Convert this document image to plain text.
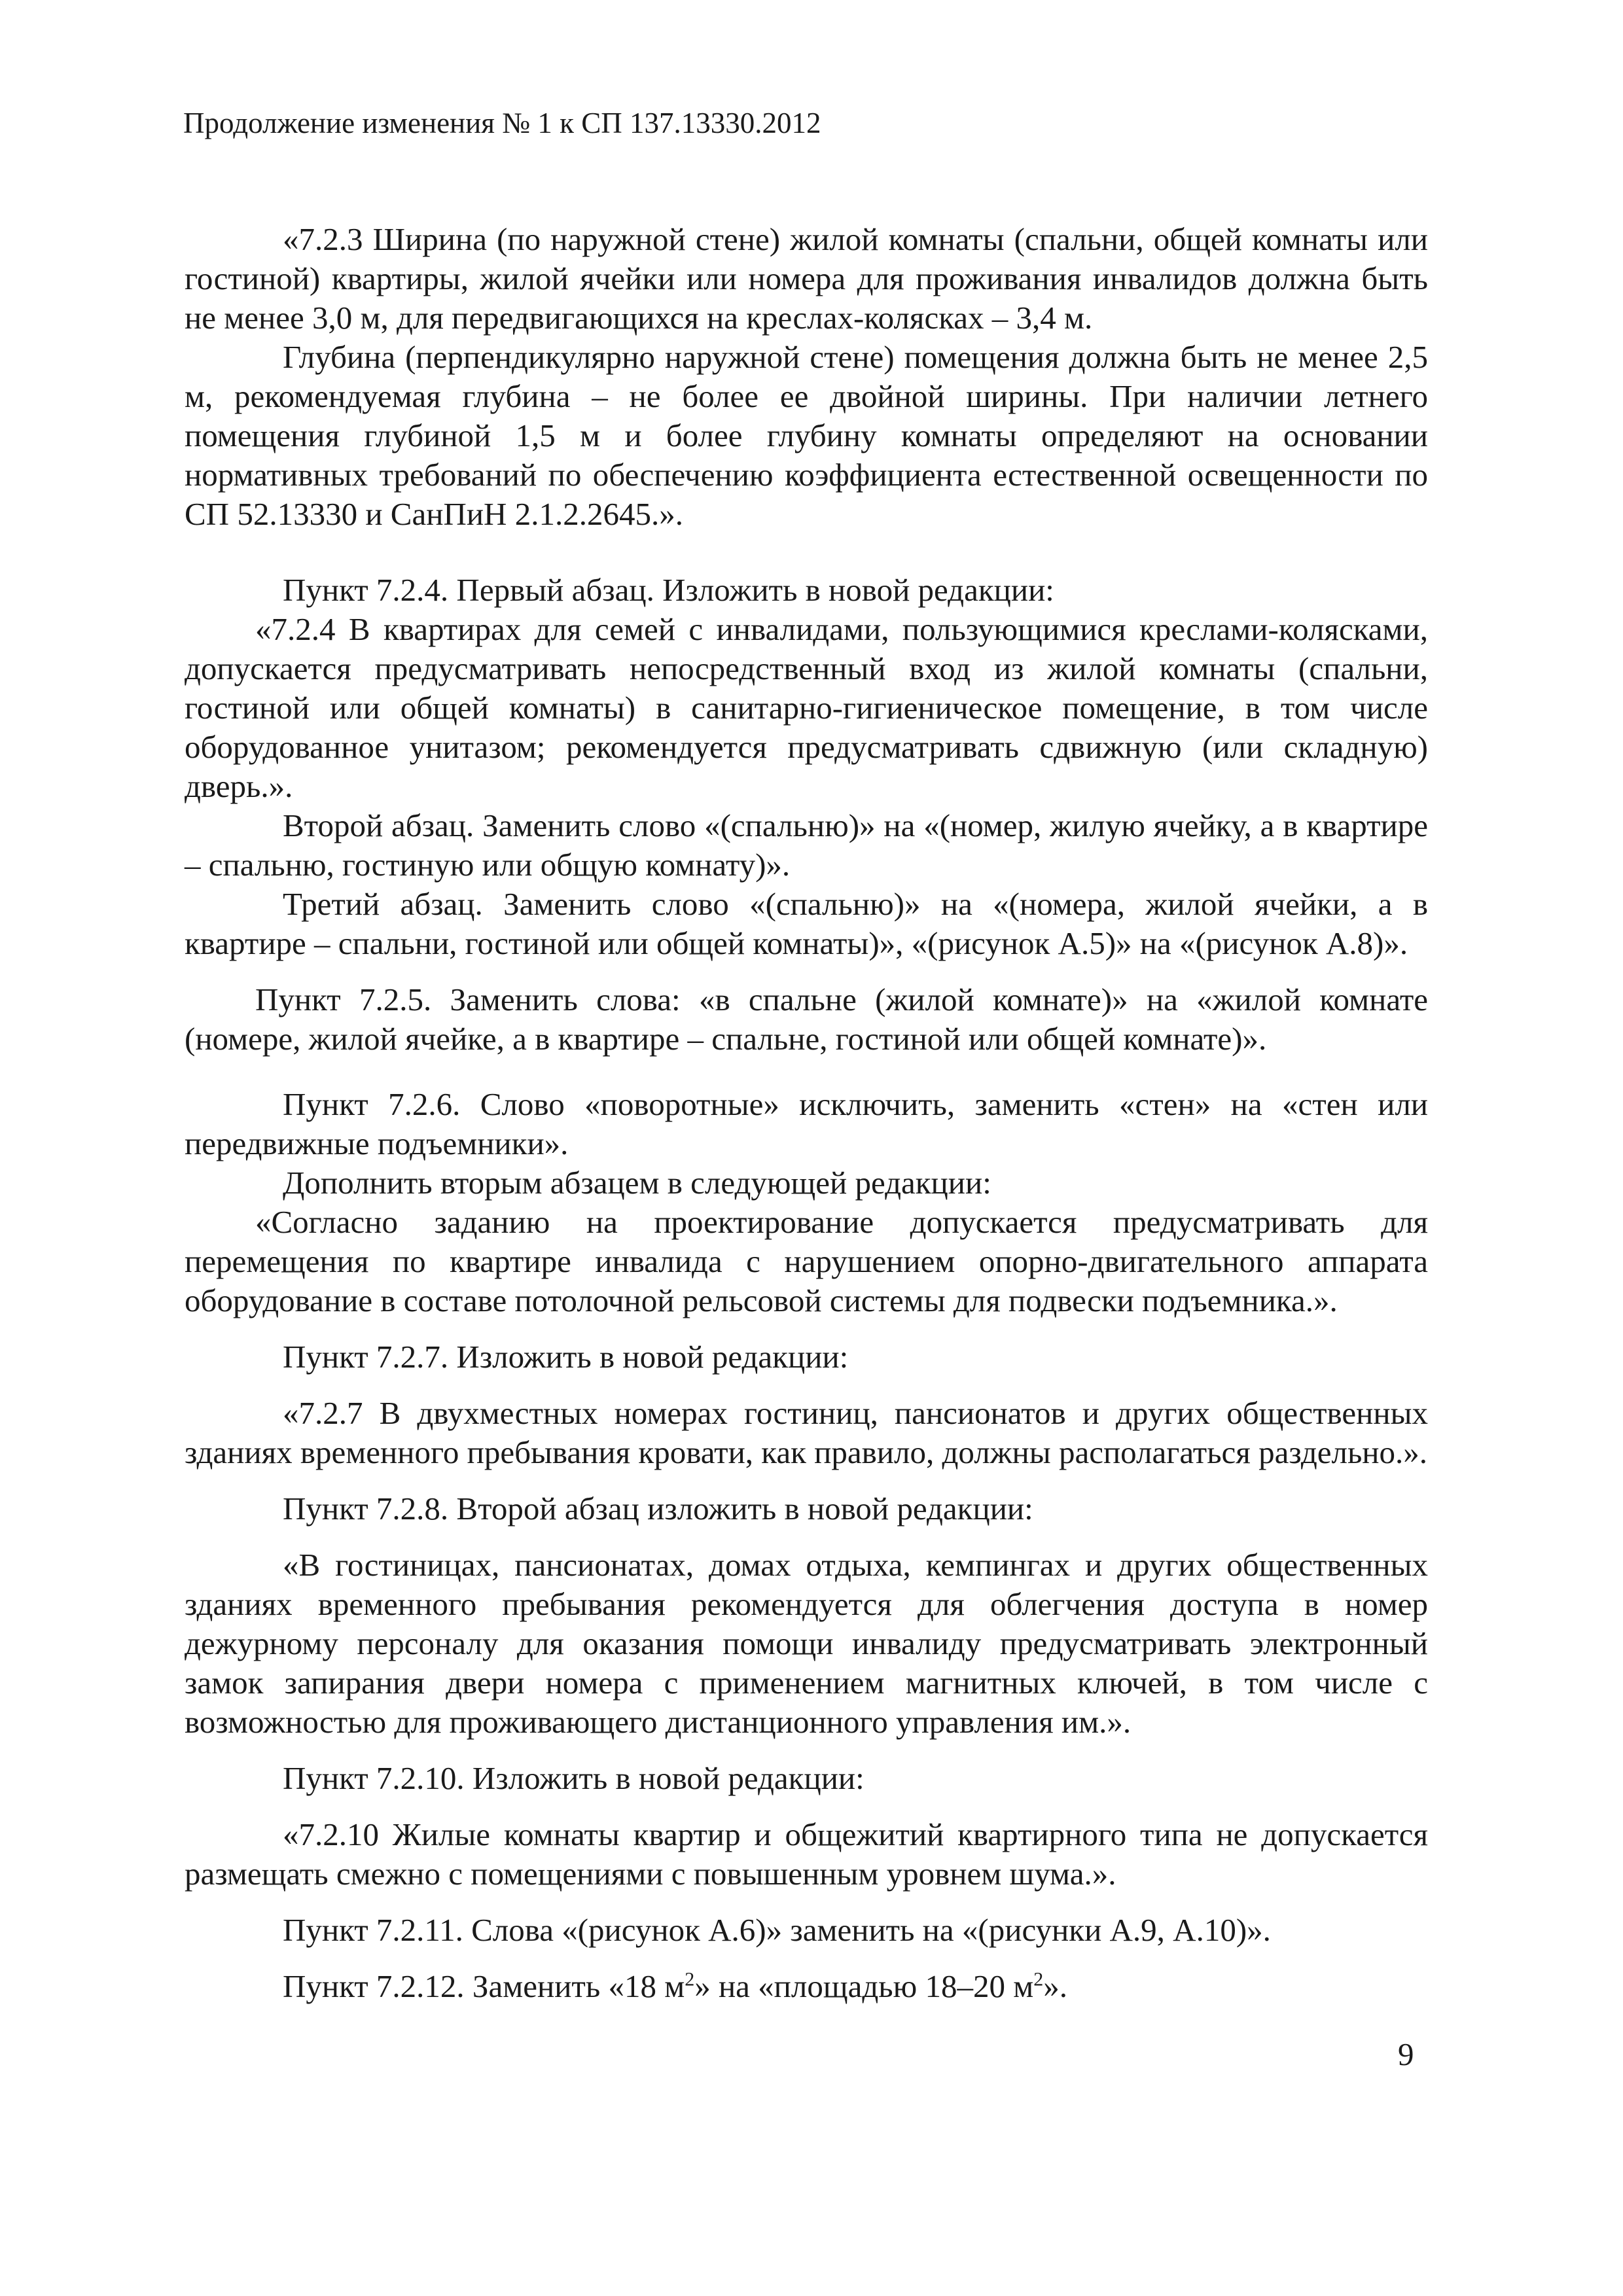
Продолжение изменения № 1 к СП 137.13330.2012

«7.2.3 Ширина (по наружной стене) жилой комнаты (спальни, общей комнаты или гостиной) квартиры, жилой ячейки или номера для проживания инвалидов должна быть не менее 3,0 м, для передвигающихся на креслах-колясках – 3,4 м.

Глубина (перпендикулярно наружной стене) помещения должна быть не менее 2,5 м, рекомендуемая глубина – не более ее двойной ширины. При наличии летнего помещения глубиной 1,5 м и более глубину комнаты определяют на основании нормативных требований по обеспечению коэффициента естественной освещенности по СП 52.13330 и СанПиН 2.1.2.2645.».

Пункт 7.2.4. Первый абзац. Изложить в новой редакции:

«7.2.4 В квартирах для семей с инвалидами, пользующимися креслами-колясками, допускается предусматривать непосредственный вход из жилой комнаты (спальни, гостиной или общей комнаты) в санитарно-гигиеническое помещение, в том числе оборудованное унитазом; рекомендуется предусматривать сдвижную (или складную) дверь.».

Второй абзац. Заменить слово «(спальню)» на «(номер, жилую ячейку, а в квартире – спальню, гостиную или общую комнату)».

Третий абзац. Заменить слово «(спальню)» на «(номера, жилой ячейки, а в квартире – спальни, гостиной или общей комнаты)», «(рисунок А.5)» на «(рисунок А.8)».

Пункт 7.2.5. Заменить слова: «в спальне (жилой комнате)» на «жилой комнате (номере, жилой ячейке, а в квартире – спальне, гостиной или общей комнате)».

Пункт 7.2.6. Слово «поворотные» исключить, заменить «стен» на «стен или передвижные подъемники».

Дополнить вторым абзацем в следующей редакции:

«Согласно заданию на проектирование допускается предусматривать для перемещения по квартире инвалида с нарушением опорно-двигательного аппарата оборудование в составе потолочной рельсовой системы для подвески подъемника.».

Пункт 7.2.7. Изложить в новой редакции:

«7.2.7 В двухместных номерах гостиниц, пансионатов и других общественных зданиях временного пребывания кровати, как правило, должны располагаться раздельно.».

Пункт 7.2.8. Второй абзац изложить в новой редакции:

«В гостиницах, пансионатах, домах отдыха, кемпингах и других общественных зданиях временного пребывания рекомендуется для облегчения доступа в номер дежурному персоналу для оказания помощи инвалиду предусматривать электронный замок запирания двери номера с применением магнитных ключей, в том числе с возможностью для проживающего дистанционного управления им.».

Пункт 7.2.10. Изложить в новой редакции:

«7.2.10 Жилые комнаты квартир и общежитий квартирного типа не допускается размещать смежно с помещениями с повышенным уровнем шума.».

Пункт 7.2.11. Слова «(рисунок А.6)» заменить на «(рисунки А.9, А.10)».

Пункт 7.2.12. Заменить «18 $м^2$» на «площадью 18–20 $м^2$».

9
